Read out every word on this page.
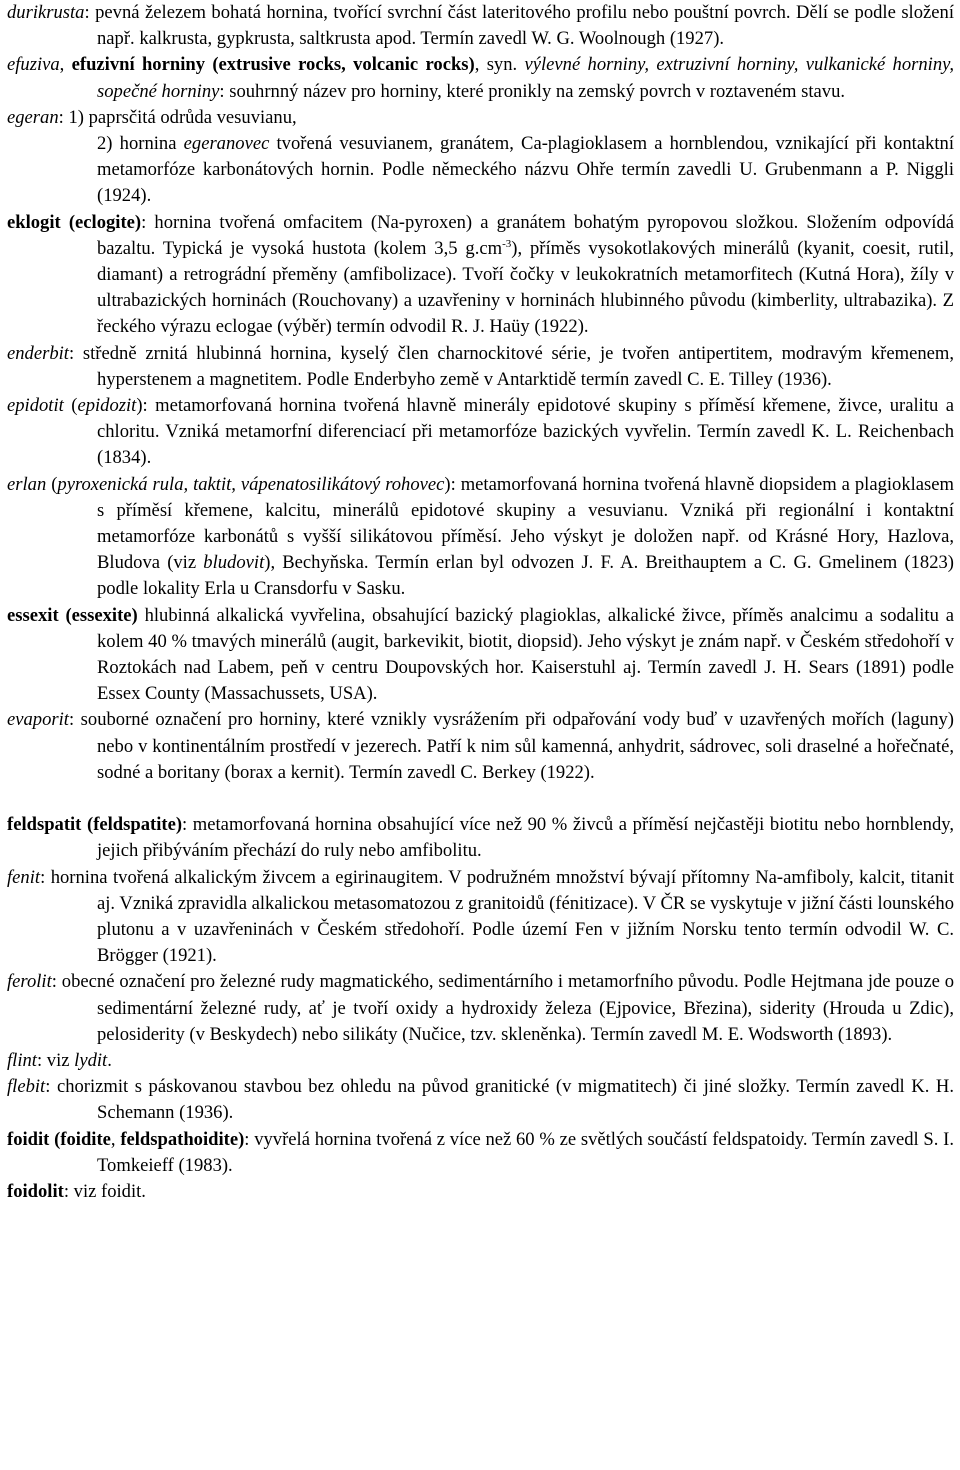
durikrusta: pevná železem bohatá hornina, tvořící svrchní část lateritového profilu nebo pouštní povrch. Dělí se podle složení např. kalkrusta, gypkrusta, saltkrusta apod. Termín zavedl W. G. Woolnough (1927).

efuziva, efuzivní horniny (extrusive rocks, volcanic rocks), syn. výlevné horniny, extruzivní horniny, vulkanické horniny, sopečné horniny: souhrnný název pro horniny, které pronikly na zemský povrch v roztaveném stavu.

egeran: 1) paprsčitá odrůda vesuvianu,

2) hornina egeranovec tvořená vesuvianem, granátem, Ca-plagioklasem a hornblendou, vznikající při kontaktní metamorfóze karbonátových hornin. Podle německého názvu Ohře termín zavedli U. Grubenmann a P. Niggli (1924).

eklogit (eclogite): hornina tvořená omfacitem (Na-pyroxen) a granátem bohatým pyropovou složkou. Složením odpovídá bazaltu. Typická je vysoká hustota (kolem 3,5 $g.cm^{-3}$), příměs vysokotlakových minerálů (kyanit, coesit, rutil, diamant) a retrográdní přeměny (amfibolizace). Tvoří čočky v leukokratních metamorfitech (Kutná Hora), žíly v ultrabazických horninách (Rouchovany) a uzavřeniny v horninách hlubinného původu (kimberlity, ultrabazika). Z řeckého výrazu eclogae (výběr) termín odvodil R. J. Haüy (1922).

enderbit: středně zrnitá hlubinná hornina, kyselý člen charnockitové série, je tvořen antipertitem, modravým křemenem, hyperstenem a magnetitem. Podle Enderbyho země v Antarktidě termín zavedl C. E. Tilley (1936).

epidotit (epidozit): metamorfovaná hornina tvořená hlavně minerály epidotové skupiny s příměsí křemene, živce, uralitu a chloritu. Vzniká metamorfní diferenciací při metamorfóze bazických vyvřelin. Termín zavedl K. L. Reichenbach (1834).

erlan (pyroxenická rula, taktit, vápenatosilikátový rohovec): metamorfovaná hornina tvořená hlavně diopsidem a plagioklasem s příměsí křemene, kalcitu, minerálů epidotové skupiny a vesuvianu. Vzniká při regionální i kontaktní metamorfóze karbonátů s vyšší silikátovou příměsí. Jeho výskyt je doložen např. od Krásné Hory, Hazlova, Bludova (viz bludovit), Bechyňska. Termín erlan byl odvozen J. F. A. Breithauptem a C. G. Gmelinem (1823) podle lokality Erla u Cransdorfu v Sasku.

essexit (essexite) hlubinná alkalická vyvřelina, obsahující bazický plagioklas, alkalické živce, příměs analcimu a sodalitu a kolem 40 % tmavých minerálů (augit, barkevikit, biotit, diopsid). Jeho výskyt je znám např. v Českém středohoří v Roztokách nad Labem, peň v centru Doupovských hor. Kaiserstuhl aj. Termín zavedl J. H. Sears (1891) podle Essex County (Massachussets, USA).

evaporit: souborné označení pro horniny, které vznikly vysrážením při odpařování vody buď v uzavřených mořích (laguny) nebo v kontinentálním prostředí v jezerech. Patří k nim sůl kamenná, anhydrit, sádrovec, soli draselné a hořečnaté, sodné a boritany (borax a kernit). Termín zavedl C. Berkey (1922).

feldspatit (feldspatite): metamorfovaná hornina obsahující více než 90 % živců a příměsí nejčastěji biotitu nebo hornblendy, jejich přibýváním přechází do ruly nebo amfibolitu.

fenit: hornina tvořená alkalickým živcem a egirinaugitem. V podružném množství bývají přítomny Na-amfiboly, kalcit, titanit aj. Vzniká zpravidla alkalickou metasomatozou z granitoidů (fénitizace). V ČR se vyskytuje v jižní části lounského plutonu a v uzavřeninách v Českém středohoří. Podle území Fen v jižním Norsku tento termín odvodil W. C. Brögger (1921).

ferolit: obecné označení pro železné rudy magmatického, sedimentárního i metamorfního původu. Podle Hejtmana jde pouze o sedimentární železné rudy, ať je tvoří oxidy a hydroxidy železa (Ejpovice, Březina), siderity (Hrouda u Zdic), pelosiderity (v Beskydech) nebo silikáty (Nučice, tzv. skleněnka). Termín zavedl M. E. Wodsworth (1893).

flint: viz lydit.

flebit: chorizmit s páskovanou stavbou bez ohledu na původ granitické (v migmatitech) či jiné složky. Termín zavedl K. H. Schemann (1936).

foidit (foidite, feldspathoidite): vyvřelá hornina tvořená z více než 60 % ze světlých součástí feldspatoidy. Termín zavedl S. I. Tomkeieff (1983).

foidolit: viz foidit.
